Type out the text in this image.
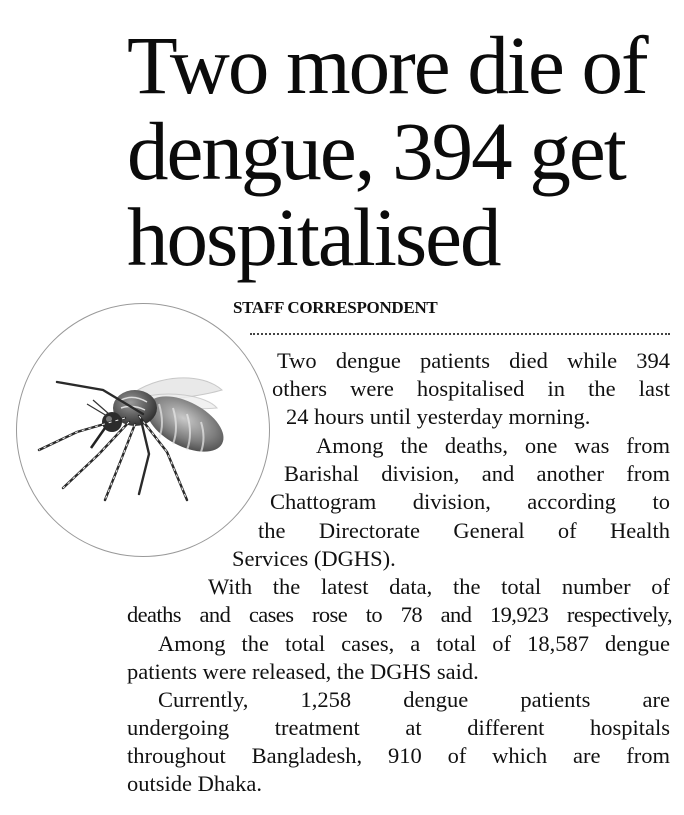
Two more die of
dengue, 394 get
hospitalised
STAFF CORRESPONDENT
Two dengue patients died while 394
others were hospitalised in the last
24 hours until yesterday morning.
Among the deaths, one was from
Barishal division, and another from
Chattogram division, according to
the Directorate General of Health
Services (DGHS).
With the latest data, the total number of
deaths and cases rose to 78 and 19,923 respectively,
Among the total cases, a total of 18,587 dengue
patients were released, the DGHS said.
Currently, 1,258 dengue patients are
undergoing treatment at different hospitals
throughout Bangladesh, 910 of which are from
outside Dhaka.
